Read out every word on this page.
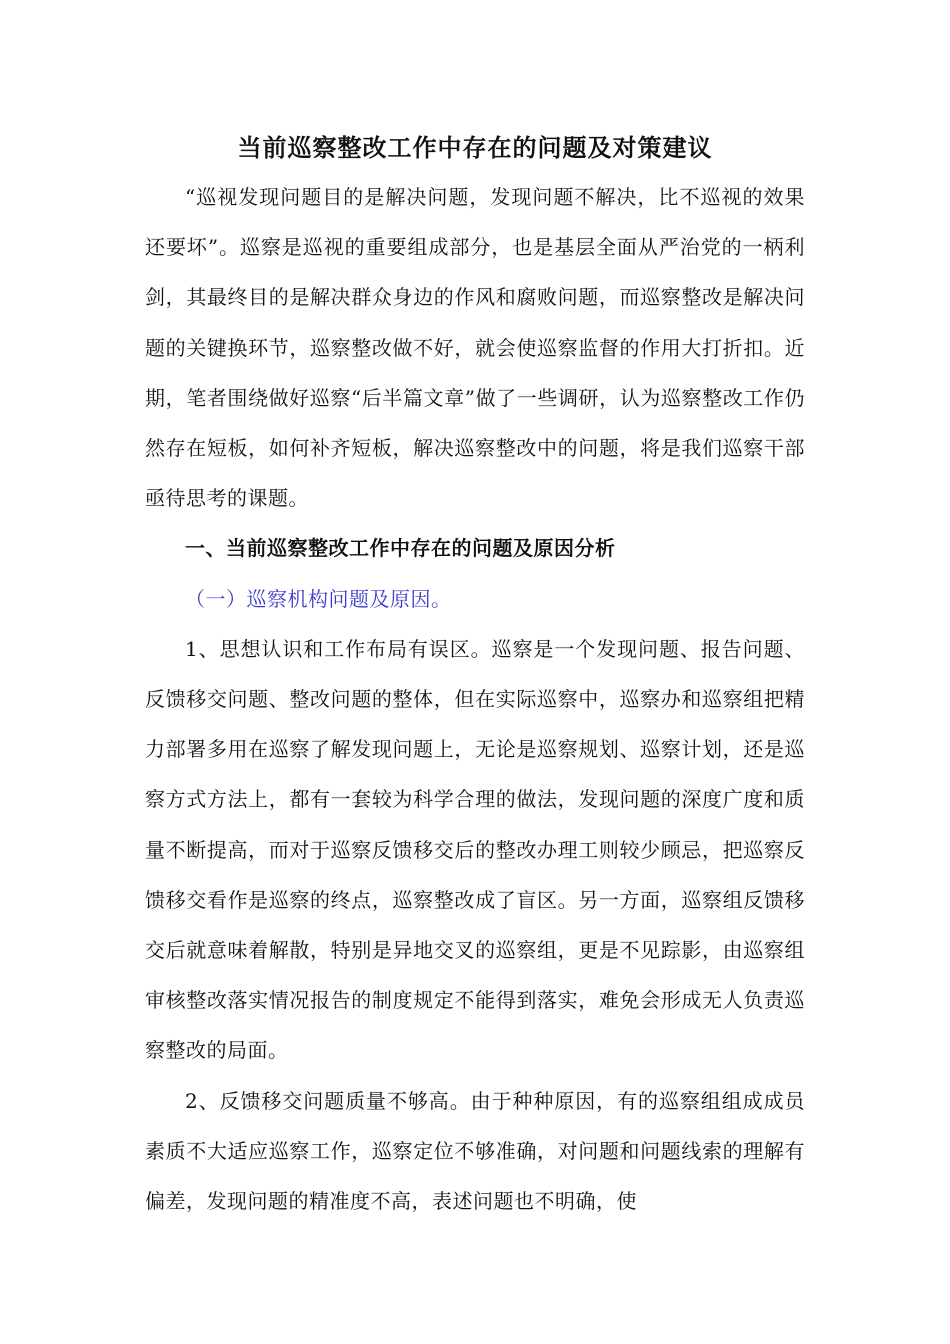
当前巡察整改工作中存在的问题及对策建议

“巡视发现问题目的是解决问题，发现问题不解决，比不巡视的效果还要坏”。巡察是巡视的重要组成部分，也是基层全面从严治党的一柄利剑，其最终目的是解决群众身边的作风和腐败问题，而巡察整改是解决问题的关键换环节，巡察整改做不好，就会使巡察监督的作用大打折扣。近期，笔者围绕做好巡察“后半篇文章”做了一些调研，认为巡察整改工作仍然存在短板，如何补齐短板，解决巡察整改中的问题，将是我们巡察干部亟待思考的课题。

一、当前巡察整改工作中存在的问题及原因分析

（一）巡察机构问题及原因。

1、思想认识和工作布局有误区。巡察是一个发现问题、报告问题、反馈移交问题、整改问题的整体，但在实际巡察中，巡察办和巡察组把精力部署多用在巡察了解发现问题上，无论是巡察规划、巡察计划，还是巡察方式方法上，都有一套较为科学合理的做法，发现问题的深度广度和质量不断提高，而对于巡察反馈移交后的整改办理工则较少顾忌，把巡察反馈移交看作是巡察的终点，巡察整改成了盲区。另一方面，巡察组反馈移交后就意味着解散，特别是异地交叉的巡察组，更是不见踪影，由巡察组审核整改落实情况报告的制度规定不能得到落实，难免会形成无人负责巡察整改的局面。

2、反馈移交问题质量不够高。由于种种原因，有的巡察组组成成员素质不大适应巡察工作，巡察定位不够准确，对问题和问题线索的理解有偏差，发现问题的精准度不高，表述问题也不明确，使
